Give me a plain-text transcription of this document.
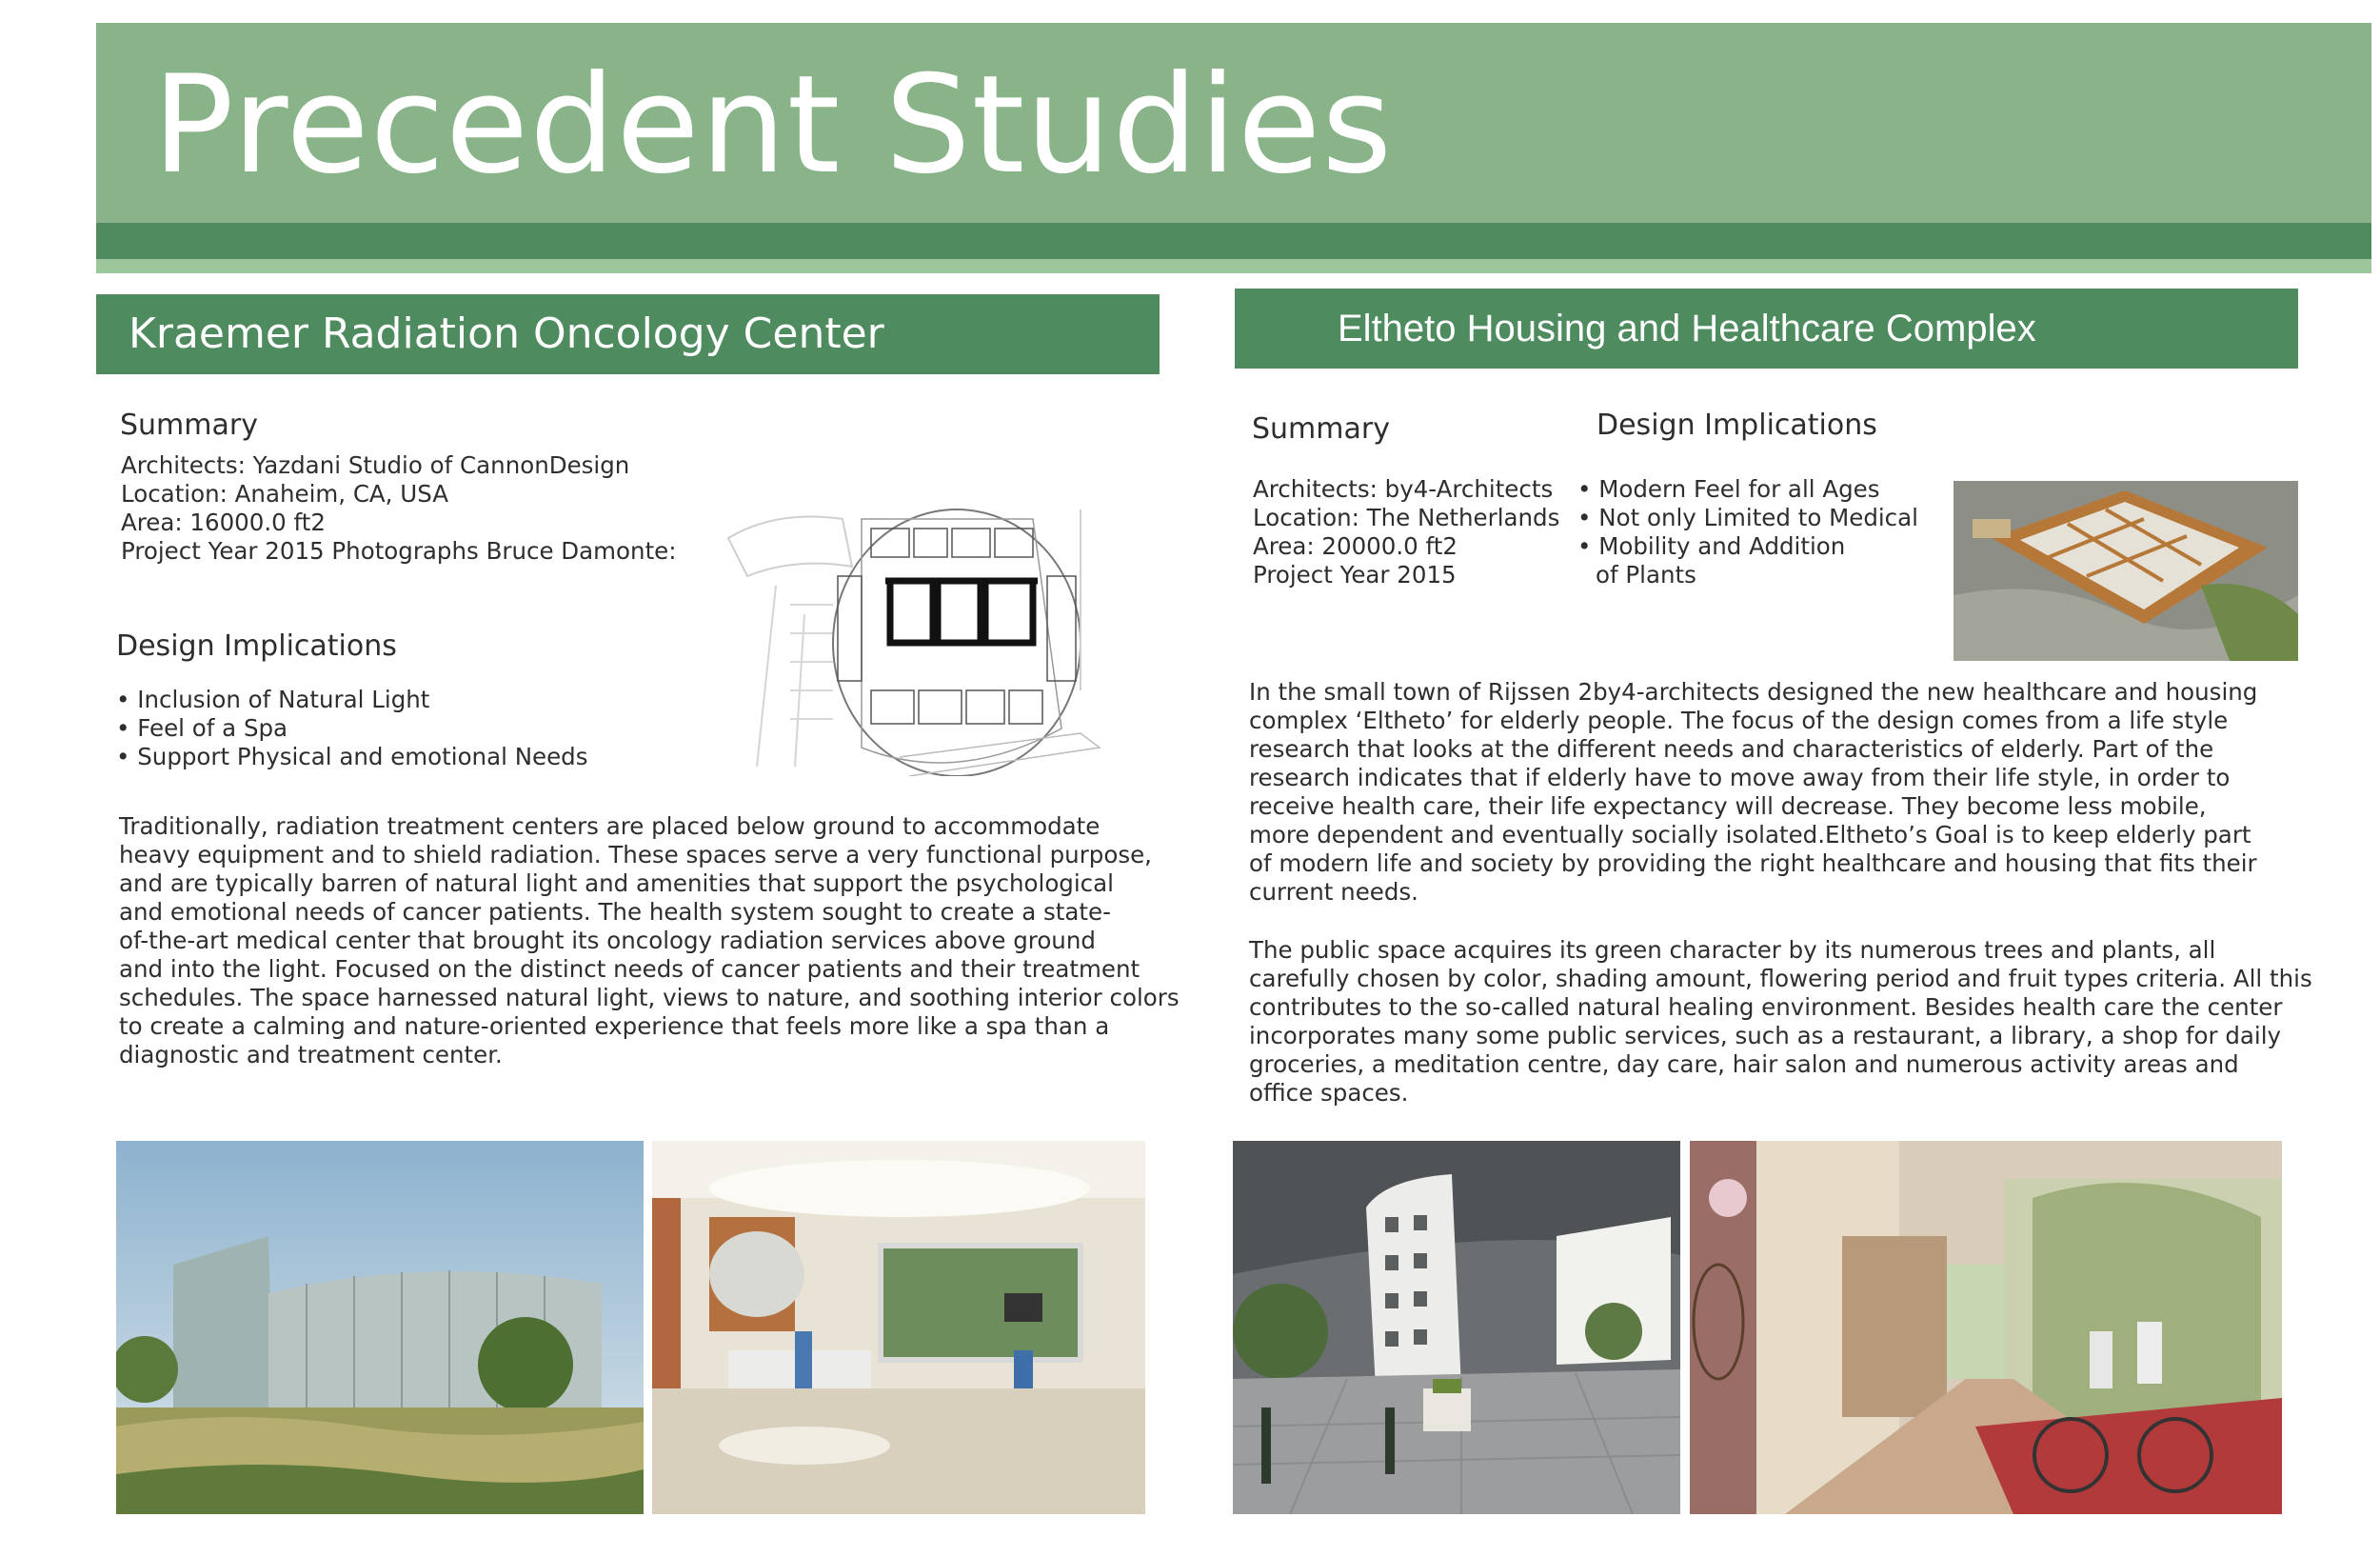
Precedent Studies
Kraemer Radiation Oncology Center
Summary
Architects: Yazdani Studio of CannonDesign
Location: Anaheim, CA, USA
Area: 16000.0 ft2
Project Year 2015 Photographs Bruce Damonte:
Design Implications
• Inclusion of Natural Light
• Feel of a Spa
• Support Physical and emotional Needs
Traditionally, radiation treatment centers are placed below ground to accommodate
heavy equipment and to shield radiation. These spaces serve a very functional purpose,
and are typically barren of natural light and amenities that support the psychological
and emotional needs of cancer patients. The health system sought to create a state-
of-the-art medical center that brought its oncology radiation services above ground
and into the light. Focused on the distinct needs of cancer patients and their treatment
schedules. The space harnessed natural light, views to nature, and soothing interior colors
to create a calming and nature-oriented experience that feels more like a spa than a
diagnostic and treatment center.
Eltheto Housing and Healthcare Complex
Summary	Design Implications
Architects: by4-Architects
Location: The Netherlands
Area: 20000.0 ft2
Project Year 2015
• Modern Feel for all Ages
• Not only Limited to Medical
• Mobility and Addition
of Plants
In the small town of Rijssen 2by4-architects designed the new healthcare and housing
complex ‘Eltheto’ for elderly people. The focus of the design comes from a life style
research that looks at the different needs and characteristics of elderly. Part of the
research indicates that if elderly have to move away from their life style, in order to
receive health care, their life expectancy will decrease. They become less mobile,
more dependent and eventually socially isolated.Eltheto’s Goal is to keep elderly part
of modern life and society by providing the right healthcare and housing that fits their
current needs.
The public space acquires its green character by its numerous trees and plants, all
carefully chosen by color, shading amount, flowering period and fruit types criteria. All this
contributes to the so-called natural healing environment. Besides health care the center
incorporates many some public services, such as a restaurant, a library, a shop for daily
groceries, a meditation centre, day care, hair salon and numerous activity areas and
office spaces.
